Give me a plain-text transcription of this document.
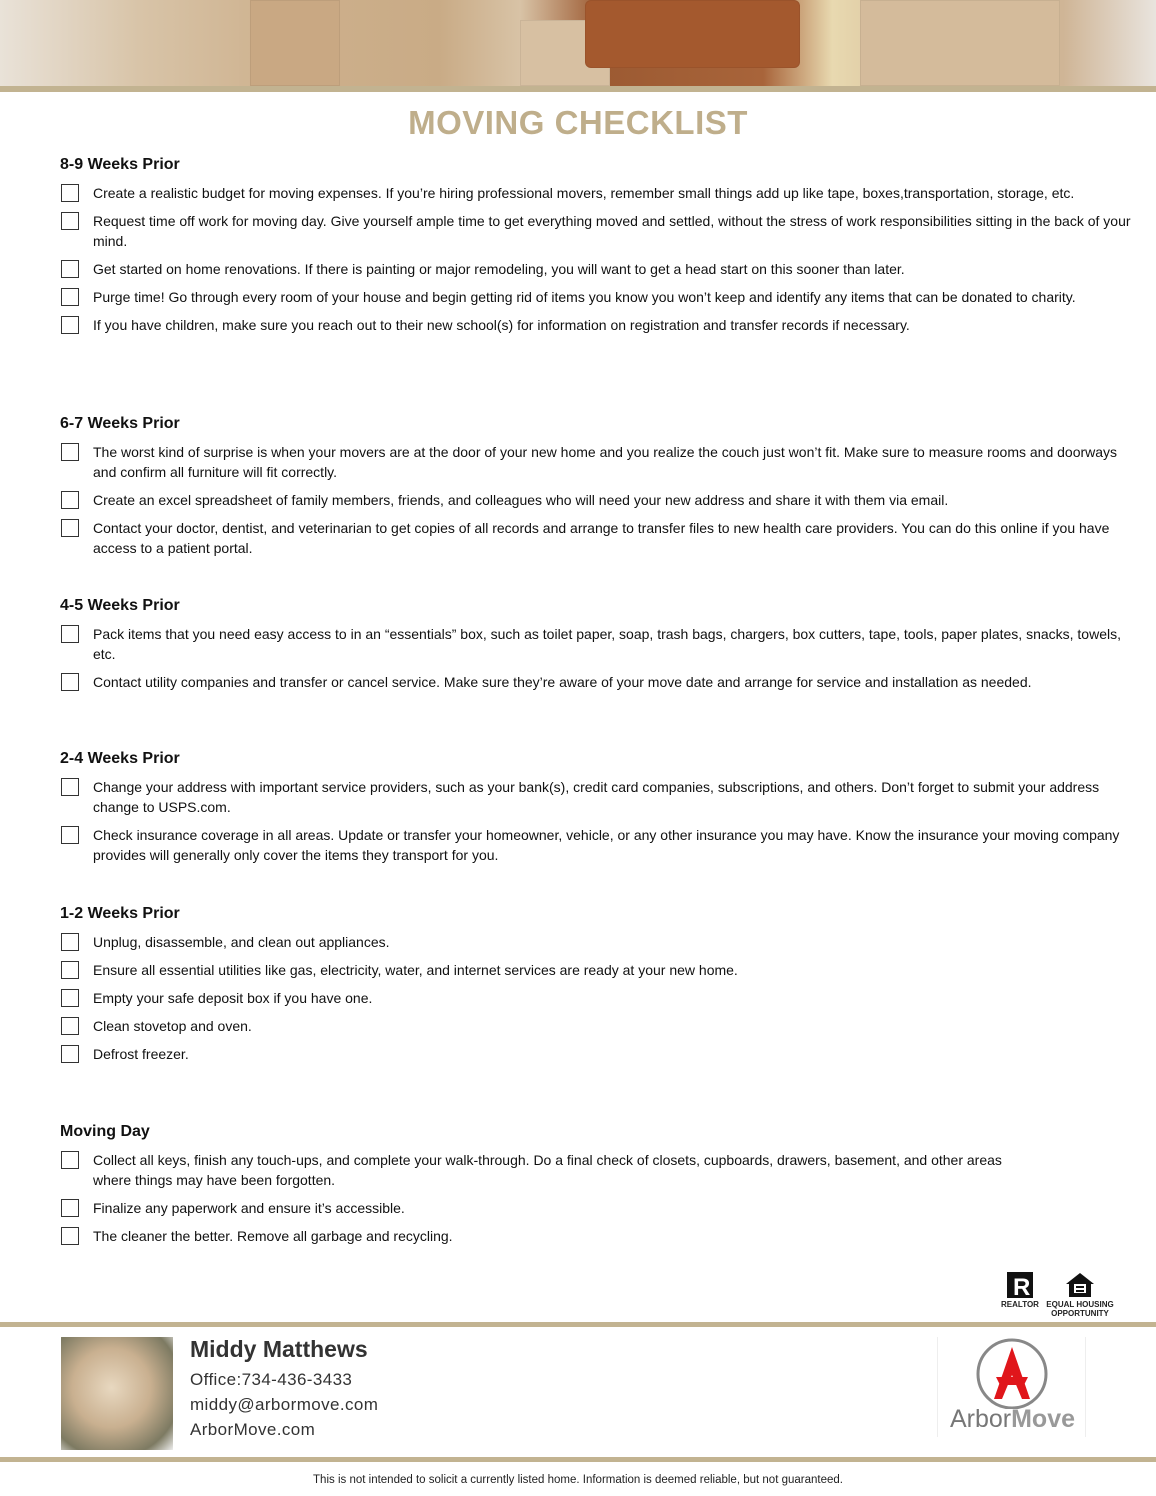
MOVING CHECKLIST
8-9 Weeks Prior
Create a realistic budget for moving expenses. If you’re hiring professional movers, remember small things add up like tape, boxes,transportation, storage, etc.
Request time off work for moving day. Give yourself ample time to get everything moved and settled, without the stress of work responsibilities sitting in the back of your mind.
Get started on home renovations. If there is painting or major remodeling, you will want to get a head start on this sooner than later.
Purge time! Go through every room of your house and begin getting rid of items you know you won’t keep and identify any items that can be donated to charity.
If you have children, make sure you reach out to their new school(s) for information on registration and transfer records if necessary.
6-7 Weeks Prior
The worst kind of surprise is when your movers are at the door of your new home and you realize the couch just won’t fit. Make sure to measure rooms and doorways and confirm all furniture will fit correctly.
Create an excel spreadsheet of family members, friends, and colleagues who will need your new address and share it with them via email.
Contact your doctor, dentist, and veterinarian to get copies of all records and arrange to transfer files to new health care providers. You can do this online if you have access to a patient portal.
4-5 Weeks Prior
Pack items that you need easy access to in an “essentials” box, such as toilet paper, soap, trash bags, chargers, box cutters, tape, tools, paper plates, snacks, towels, etc.
Contact utility companies and transfer or cancel service. Make sure they’re aware of your move date and arrange for service and installation as needed.
2-4 Weeks Prior
Change your address with important service providers, such as your bank(s), credit card companies, subscriptions, and others. Don’t forget to submit your address change to USPS.com.
Check insurance coverage in all areas. Update or transfer your homeowner, vehicle, or any other insurance you may have. Know the insurance your moving company provides will generally only cover the items they transport for you.
1-2 Weeks Prior
Unplug, disassemble, and clean out appliances.
Ensure all essential utilities like gas, electricity, water, and internet services are ready at your new home.
Empty your safe deposit box if you have one.
Clean stovetop and oven.
Defrost freezer.
Moving Day
Collect all keys, finish any touch-ups, and complete your walk-through. Do a final check of closets, cupboards, drawers, basement, and other areas where things may have been forgotten.
Finalize any paperwork and ensure it’s accessible.
The cleaner the better. Remove all garbage and recycling.
R
REALTOR EQUAL HOUSING OPPORTUNITY
Middy Matthews
Office:734-436-3433
middy@arbormove.com
ArborMove.com	ArborMove
This is not intended to solicit a currently listed home. Information is deemed reliable, but not guaranteed.
